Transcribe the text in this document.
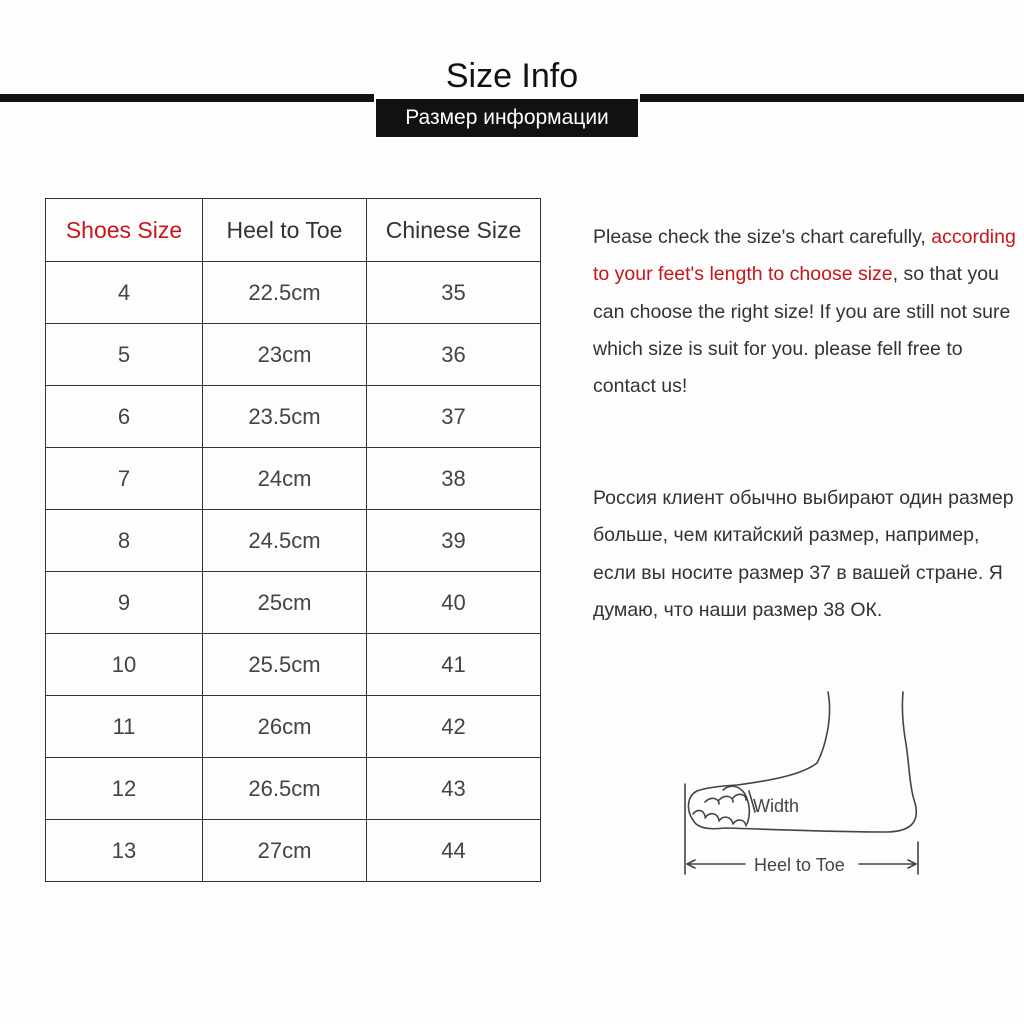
Size Info
Размер информации
Shoes Size	Heel to Toe	Chinese Size
4	22.5cm	35
5	23cm	36
6	23.5cm	37
7	24cm	38
8	24.5cm	39
9	25cm	40
10	25.5cm	41
11	26cm	42
12	26.5cm	43
13	27cm	44
Please check the size's chart carefully, according to your feet's length to choose size, so that you can choose the right size! If you are still not sure which size is suit for you. please fell free to contact us!
Россия клиент обычно выбирают один размер больше, чем китайский размер, например, если вы носите размер 37 в вашей стране. Я думаю, что наши размер 38 ОК.
Width
Heel to Toe
